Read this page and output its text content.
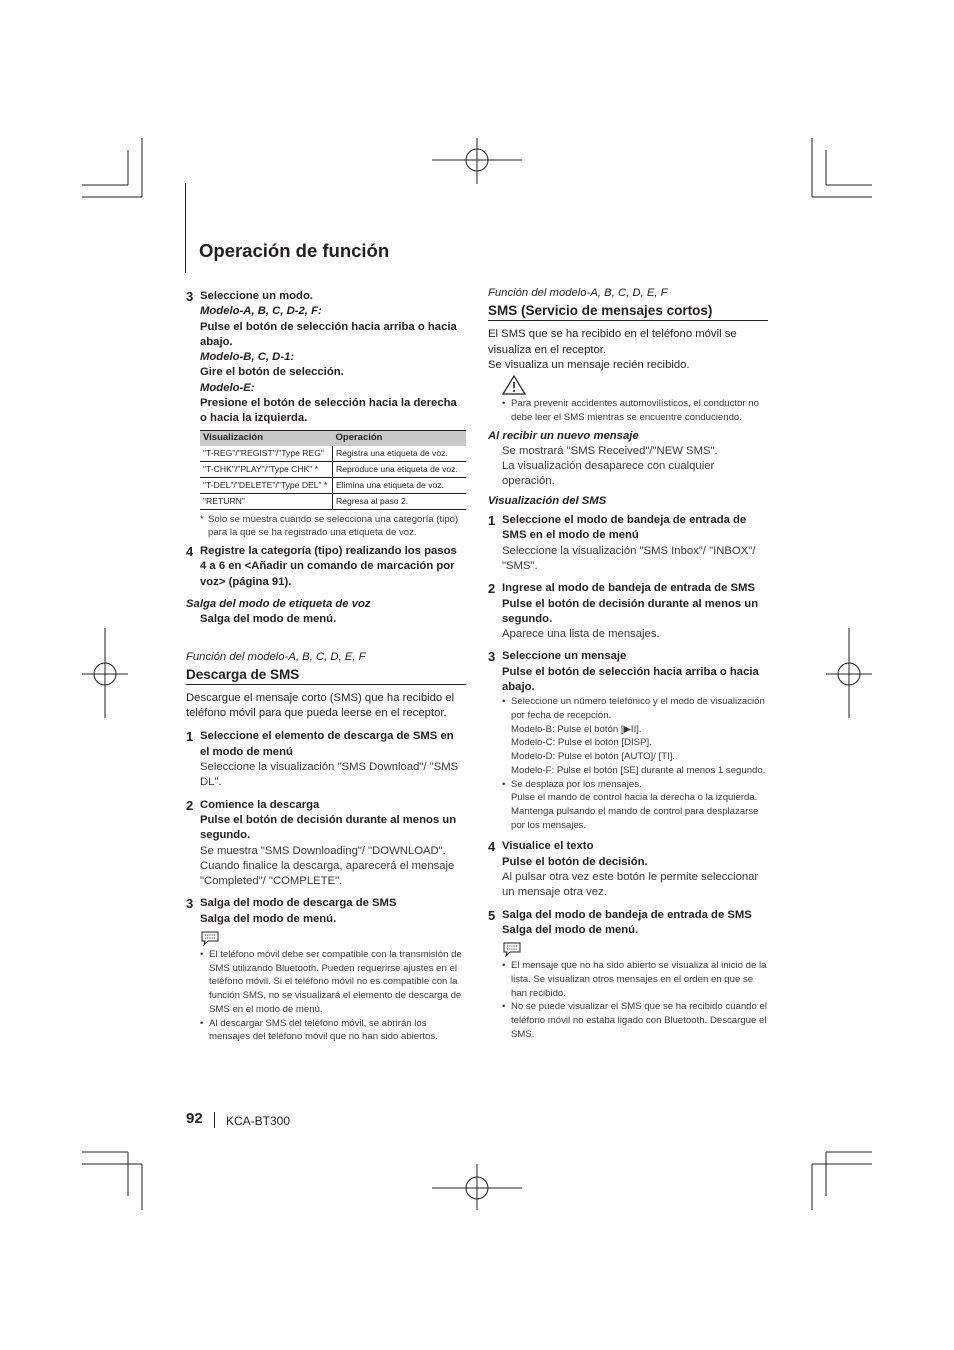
Operación de función
3 Seleccione un modo.
Modelo-A, B, C, D-2, F:
Pulse el botón de selección hacia arriba o hacia abajo.
Modelo-B, C, D-1:
Gire el botón de selección.
Modelo-E:
Presione el botón de selección hacia la derecha o hacia la izquierda.
Visualización	Operación
"T-REG"/"REGIST"/"Type REG"	Registra una etiqueta de voz.
"T-CHK"/"PLAY"/"Type CHK" *	Reproduce una etiqueta de voz.
"T-DEL"/"DELETE"/"Type DEL" *	Elimina una etiqueta de voz.
"RETURN"	Regresa al paso 2.
* Solo se muestra cuando se selecciona una categoría (tipo) para la que se ha registrado una etiqueta de voz.
4 Registre la categoría (tipo) realizando los pasos 4 a 6 en <Añadir un comando de marcación por voz> (página 91).
Salga del modo de etiqueta de voz
Salga del modo de menú.
Función del modelo-A, B, C, D, E, F
Descarga de SMS
Descargue el mensaje corto (SMS) que ha recibido el teléfono móvil para que pueda leerse en el receptor.
1 Seleccione el elemento de descarga de SMS en el modo de menú
Seleccione la visualización "SMS Download"/ "SMS DL".
2 Comience la descarga
Pulse el botón de decisión durante al menos un segundo.
Se muestra "SMS Downloading"/ "DOWNLOAD". Cuando finalice la descarga, aparecerá el mensaje "Completed"/ "COMPLETE".
3 Salga del modo de descarga de SMS
Salga del modo de menú.
• El teléfono móvil debe ser compatible con la transmisión de SMS utilizando Bluetooth. Pueden requerirse ajustes en el teléfono móvil. Si el teléfono móvil no es compatible con la función SMS, no se visualizará el elemento de descarga de SMS en el modo de menú.
• Al descargar SMS del teléfono móvil, se abrirán los mensajes del teléfono móvil que no han sido abiertos.
Función del modelo-A, B, C, D, E, F
SMS (Servicio de mensajes cortos)
El SMS que se ha recibido en el teléfono móvil se visualiza en el receptor.
Se visualiza un mensaje recién recibido.
• Para prevenir accidentes automovilísticos, el conductor no debe leer el SMS mientras se encuentre conduciendo.
Al recibir un nuevo mensaje
Se mostrará "SMS Received"/"NEW SMS".
La visualización desaparece con cualquier operación.
Visualización del SMS
1 Seleccione el modo de bandeja de entrada de SMS en el modo de menú
Seleccione la visualización "SMS Inbox"/ "INBOX"/ "SMS".
2 Ingrese al modo de bandeja de entrada de SMS
Pulse el botón de decisión durante al menos un segundo.
Aparece una lista de mensajes.
3 Seleccione un mensaje
Pulse el botón de selección hacia arriba o hacia abajo.
• Seleccione un número telefónico y el modo de visualización por fecha de recepción.
Modelo-B: Pulse el botón [▶II].
Modelo-C: Pulse el botón [DISP].
Modelo-D: Pulse el botón [AUTO]/ [TI].
Modelo-F: Pulse el botón [SE] durante al menos 1 segundo.
• Se desplaza por los mensajes.
Pulse el mando de control hacia la derecha o la izquierda.
Mantenga pulsando el mando de control para desplazarse por los mensajes.
4 Visualice el texto
Pulse el botón de decisión.
Al pulsar otra vez este botón le permite seleccionar un mensaje otra vez.
5 Salga del modo de bandeja de entrada de SMS
Salga del modo de menú.
• El mensaje que no ha sido abierto se visualiza al inicio de la lista. Se visualizan otros mensajes en el orden en que se han recibido.
• No se puede visualizar el SMS que se ha recibido cuando el teléfono móvil no estaba ligado con Bluetooth. Descargue el SMS.
92 KCA-BT300
